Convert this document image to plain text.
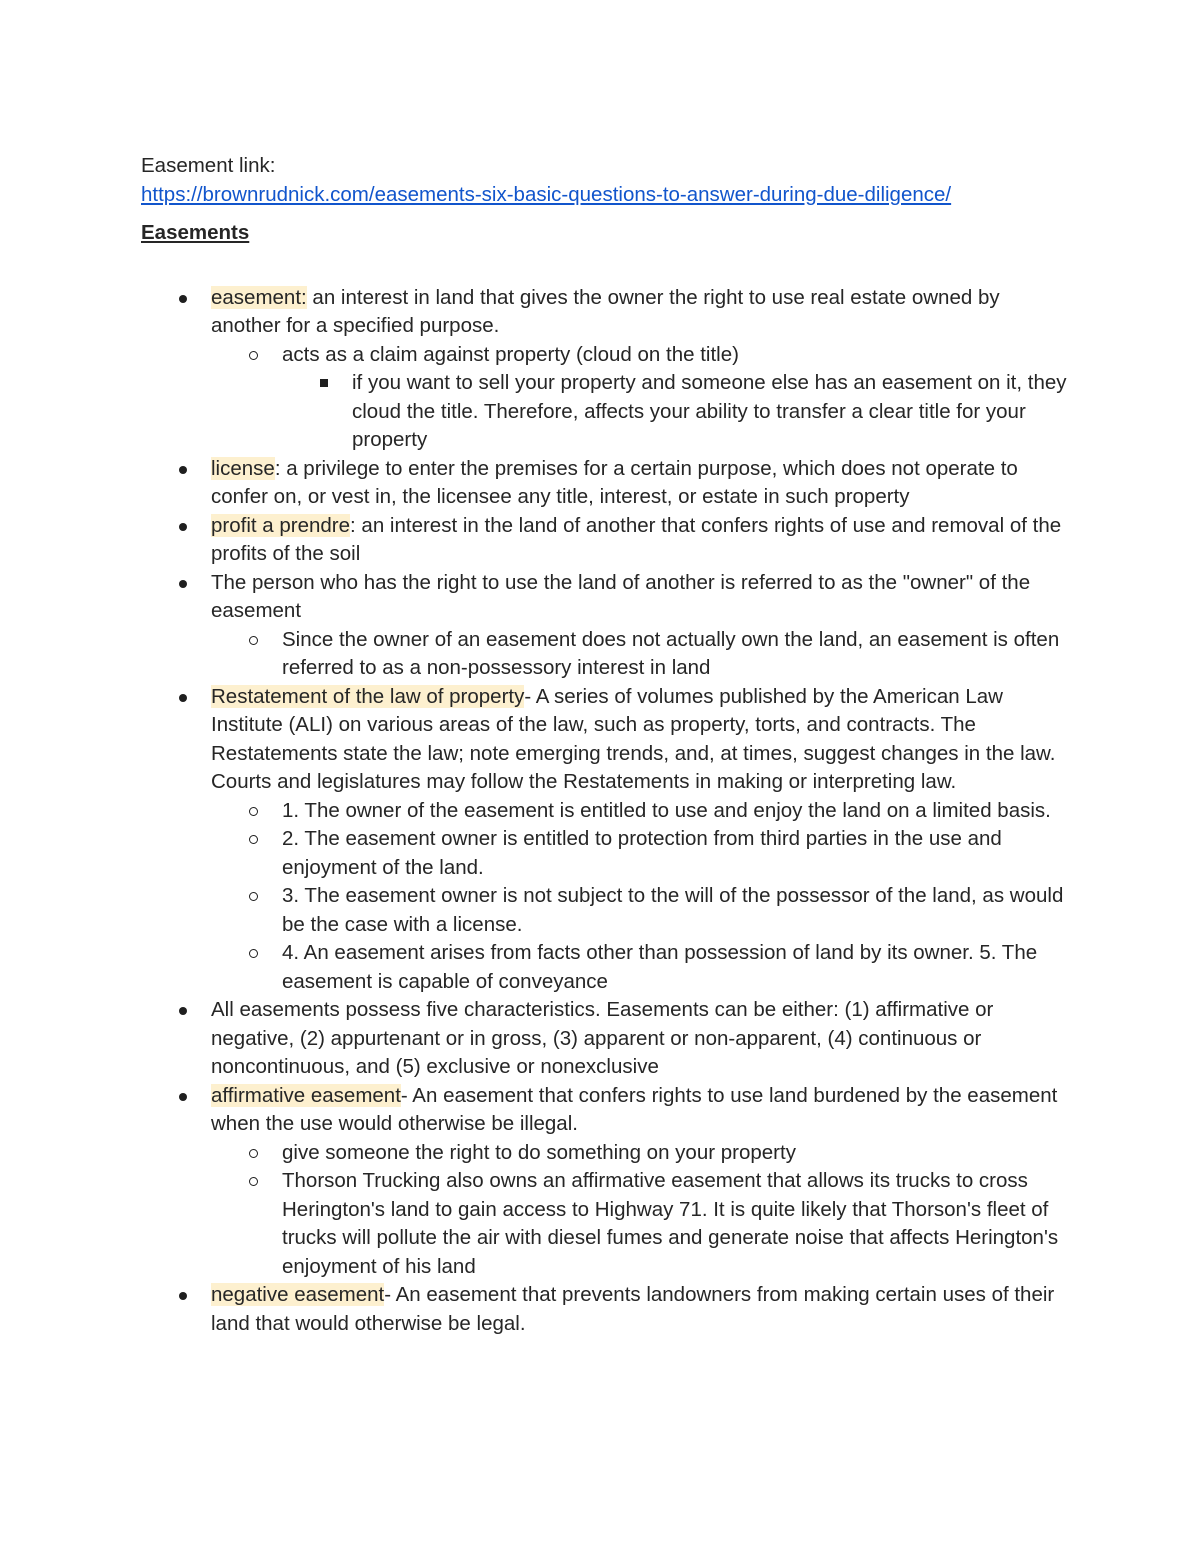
Easement link:

https://brownrudnick.com/easements-six-basic-questions-to-answer-during-due-diligence/

Easements

easement: an interest in land that gives the owner the right to use real estate owned by another for a specified purpose.
acts as a claim against property (cloud on the title)
if you want to sell your property and someone else has an easement on it, they cloud the title. Therefore, affects your ability to transfer a clear title for your property
license: a privilege to enter the premises for a certain purpose, which does not operate to confer on, or vest in, the licensee any title, interest, or estate in such property
profit a prendre: an interest in the land of another that confers rights of use and removal of the profits of the soil
The person who has the right to use the land of another is referred to as the "owner" of the easement
Since the owner of an easement does not actually own the land, an easement is often referred to as a non-possessory interest in land
Restatement of the law of property- A series of volumes published by the American Law Institute (ALI) on various areas of the law, such as property, torts, and contracts. The Restatements state the law; note emerging trends, and, at times, suggest changes in the law. Courts and legislatures may follow the Restatements in making or interpreting law.
1. The owner of the easement is entitled to use and enjoy the land on a limited basis.
2. The easement owner is entitled to protection from third parties in the use and enjoyment of the land.
3. The easement owner is not subject to the will of the possessor of the land, as would
be the case with a license.
4. An easement arises from facts other than possession of land by its owner. 5. The easement is capable of conveyance
All easements possess five characteristics. Easements can be either: (1) affirmative or negative, (2) appurtenant or in gross, (3) apparent or non-apparent, (4) continuous or noncontinuous, and (5) exclusive or nonexclusive
affirmative easement- An easement that confers rights to use land burdened by the easement when the use would otherwise be illegal.
give someone the right to do something on your property
Thorson Trucking also owns an affirmative easement that allows its trucks to cross Herington's land to gain access to Highway 71. It is quite likely that Thorson's fleet of trucks will pollute the air with diesel fumes and generate noise that affects Herington's enjoyment of his land
negative easement- An easement that prevents landowners from making certain uses of their land that would otherwise be legal.
